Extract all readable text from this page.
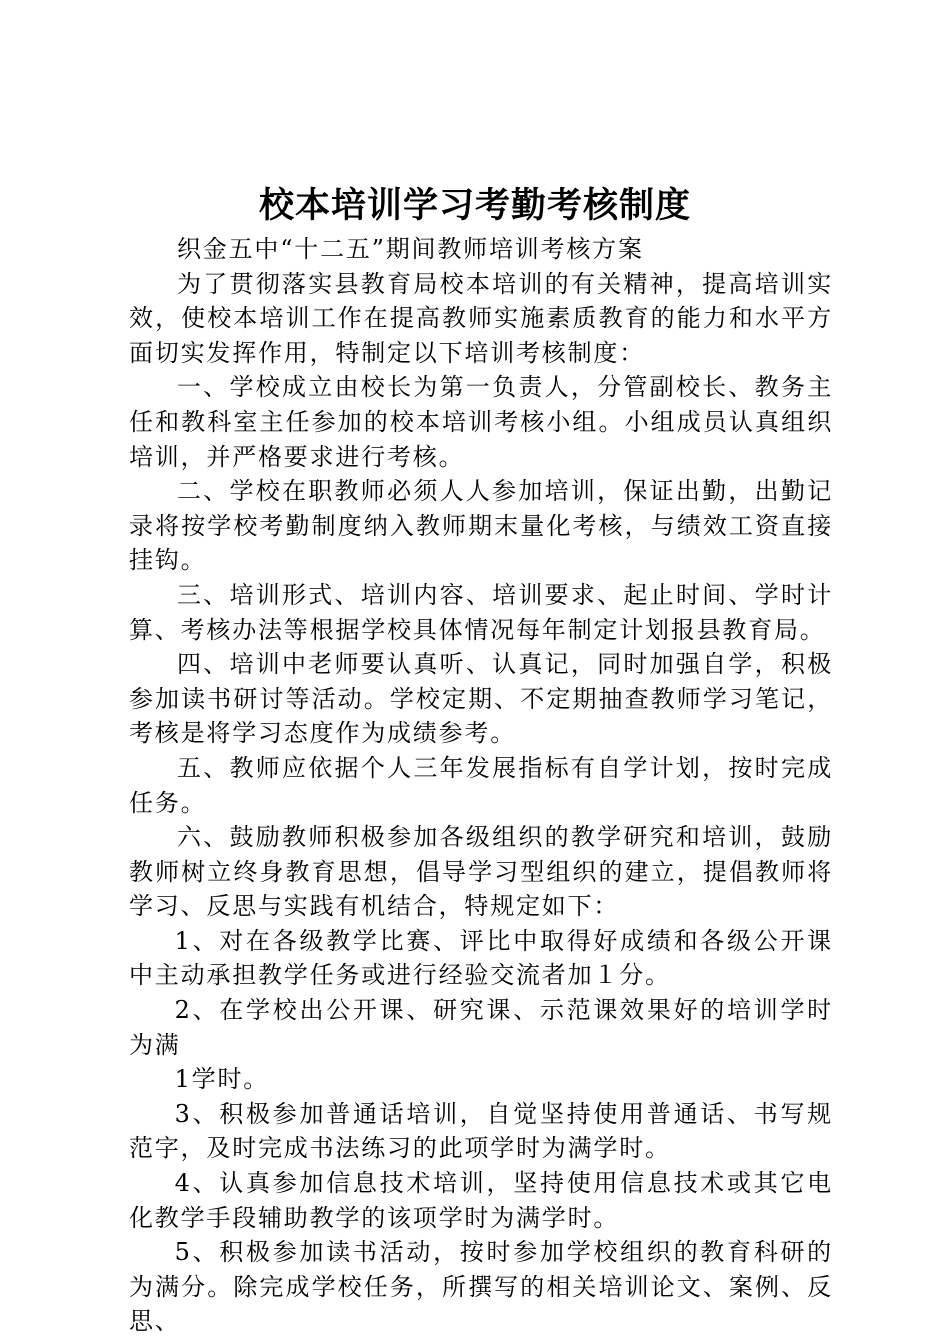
校本培训学习考勤考核制度

织金五中“十二五”期间教师培训考核方案

为了贯彻落实县教育局校本培训的有关精神，提高培训实效，使校本培训工作在提高教师实施素质教育的能力和水平方面切实发挥作用，特制定以下培训考核制度：

一、学校成立由校长为第一负责人，分管副校长、教务主任和教科室主任参加的校本培训考核小组。小组成员认真组织培训，并严格要求进行考核。

二、学校在职教师必须人人参加培训，保证出勤，出勤记录将按学校考勤制度纳入教师期末量化考核，与绩效工资直接挂钩。

三、培训形式、培训内容、培训要求、起止时间、学时计算、考核办法等根据学校具体情况每年制定计划报县教育局。

四、培训中老师要认真听、认真记，同时加强自学，积极参加读书研讨等活动。学校定期、不定期抽查教师学习笔记，考核是将学习态度作为成绩参考。

五、教师应依据个人三年发展指标有自学计划，按时完成任务。

六、鼓励教师积极参加各级组织的教学研究和培训，鼓励教师树立终身教育思想，倡导学习型组织的建立，提倡教师将学习、反思与实践有机结合，特规定如下：

1、对在各级教学比赛、评比中取得好成绩和各级公开课中主动承担教学任务或进行经验交流者加１分。

2、在学校出公开课、研究课、示范课效果好的培训学时为满

1学时。

3、积极参加普通话培训，自觉坚持使用普通话、书写规范字，及时完成书法练习的此项学时为满学时。

4、认真参加信息技术培训，坚持使用信息技术或其它电化教学手段辅助教学的该项学时为满学时。

5、积极参加读书活动，按时参加学校组织的教育科研的为满分。除完成学校任务，所撰写的相关培训论文、案例、反思、
